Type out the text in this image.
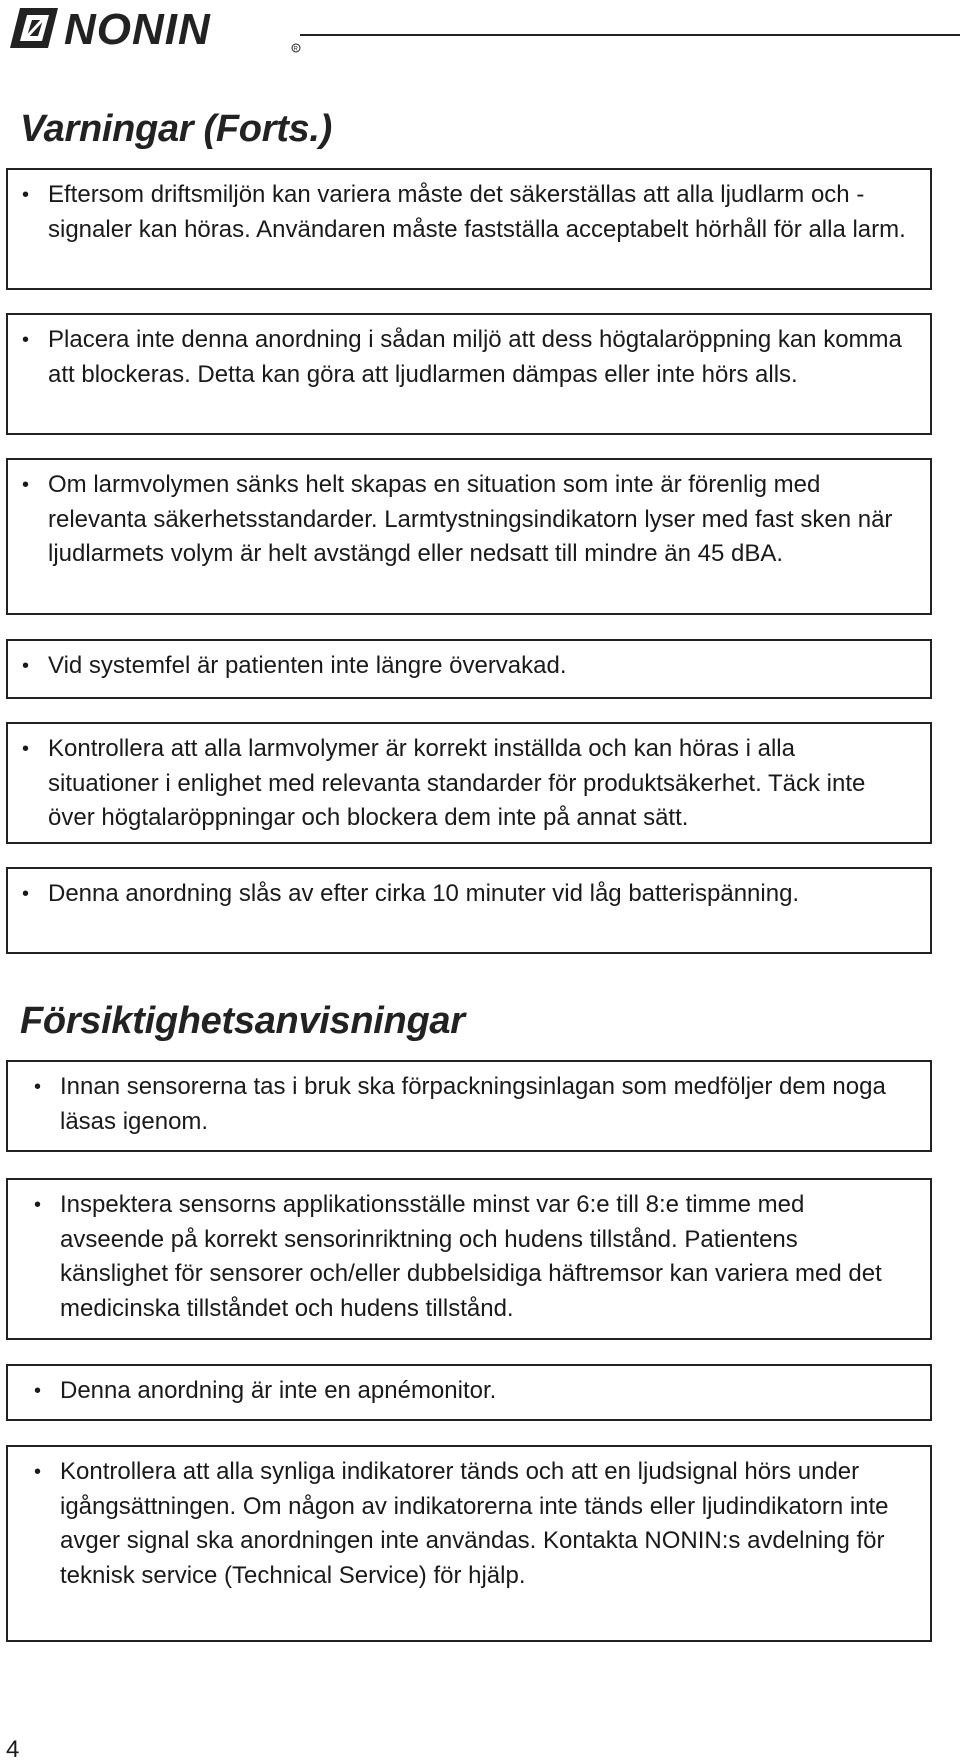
NONIN	R
Varningar (Forts.)
• Eftersom driftsmiljön kan variera måste det säkerställas att alla ljudlarm och -signaler kan höras. Användaren måste fastställa acceptabelt hörhåll för alla larm.
• Placera inte denna anordning i sådan miljö att dess högtalaröppning kan komma att blockeras. Detta kan göra att ljudlarmen dämpas eller inte hörs alls.
• Om larmvolymen sänks helt skapas en situation som inte är förenlig med relevanta säkerhetsstandarder. Larmtystningsindikatorn lyser med fast sken när ljudlarmets volym är helt avstängd eller nedsatt till mindre än 45 dBA.
• Vid systemfel är patienten inte längre övervakad.
• Kontrollera att alla larmvolymer är korrekt inställda och kan höras i alla situationer i enlighet med relevanta standarder för produktsäkerhet. Täck inte över högtalaröppningar och blockera dem inte på annat sätt.
• Denna anordning slås av efter cirka 10 minuter vid låg batterispänning.
Försiktighetsanvisningar
• Innan sensorerna tas i bruk ska förpackningsinlagan som medföljer dem noga läsas igenom.
• Inspektera sensorns applikationsställe minst var 6:e till 8:e timme med avseende på korrekt sensorinriktning och hudens tillstånd. Patientens känslighet för sensorer och/eller dubbelsidiga häftremsor kan variera med det medicinska tillståndet och hudens tillstånd.
• Denna anordning är inte en apnémonitor.
• Kontrollera att alla synliga indikatorer tänds och att en ljudsignal hörs under igångsättningen. Om någon av indikatorerna inte tänds eller ljudindikatorn inte avger signal ska anordningen inte användas. Kontakta NONIN:s avdelning för teknisk service (Technical Service) för hjälp.
4
